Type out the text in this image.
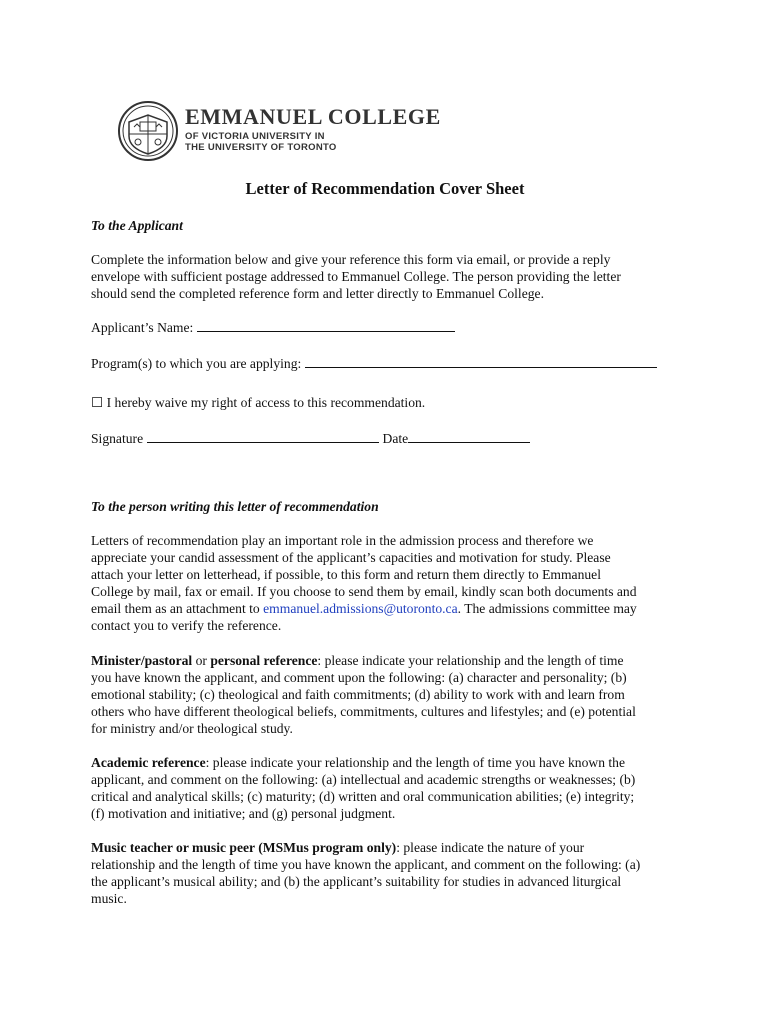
EMMANUEL COLLEGE
OF VICTORIA UNIVERSITY IN
THE UNIVERSITY OF TORONTO
Letter of Recommendation Cover Sheet
To the Applicant
Complete the information below and give your reference this form via email, or provide a reply
envelope with sufficient postage addressed to Emmanuel College. The person providing the letter
should send the completed reference form and letter directly to Emmanuel College.
Applicant’s Name:
Program(s) to which you are applying:
☐ I hereby waive my right of access to this recommendation.
Signature	Date
To the person writing this letter of recommendation
Letters of recommendation play an important role in the admission process and therefore we
appreciate your candid assessment of the applicant’s capacities and motivation for study. Please
attach your letter on letterhead, if possible, to this form and return them directly to Emmanuel
College by mail, fax or email. If you choose to send them by email, kindly scan both documents and
email them as an attachment to emmanuel.admissions@utoronto.ca. The admissions committee may
contact you to verify the reference.
Minister/pastoral or personal reference: please indicate your relationship and the length of time
you have known the applicant, and comment upon the following: (a) character and personality; (b)
emotional stability; (c) theological and faith commitments; (d) ability to work with and learn from
others who have different theological beliefs, commitments, cultures and lifestyles; and (e) potential
for ministry and/or theological study.
Academic reference: please indicate your relationship and the length of time you have known the
applicant, and comment on the following: (a) intellectual and academic strengths or weaknesses; (b)
critical and analytical skills; (c) maturity; (d) written and oral communication abilities; (e) integrity;
(f) motivation and initiative; and (g) personal judgment.
Music teacher or music peer (MSMus program only): please indicate the nature of your
relationship and the length of time you have known the applicant, and comment on the following: (a)
the applicant’s musical ability; and (b) the applicant’s suitability for studies in advanced liturgical
music.
